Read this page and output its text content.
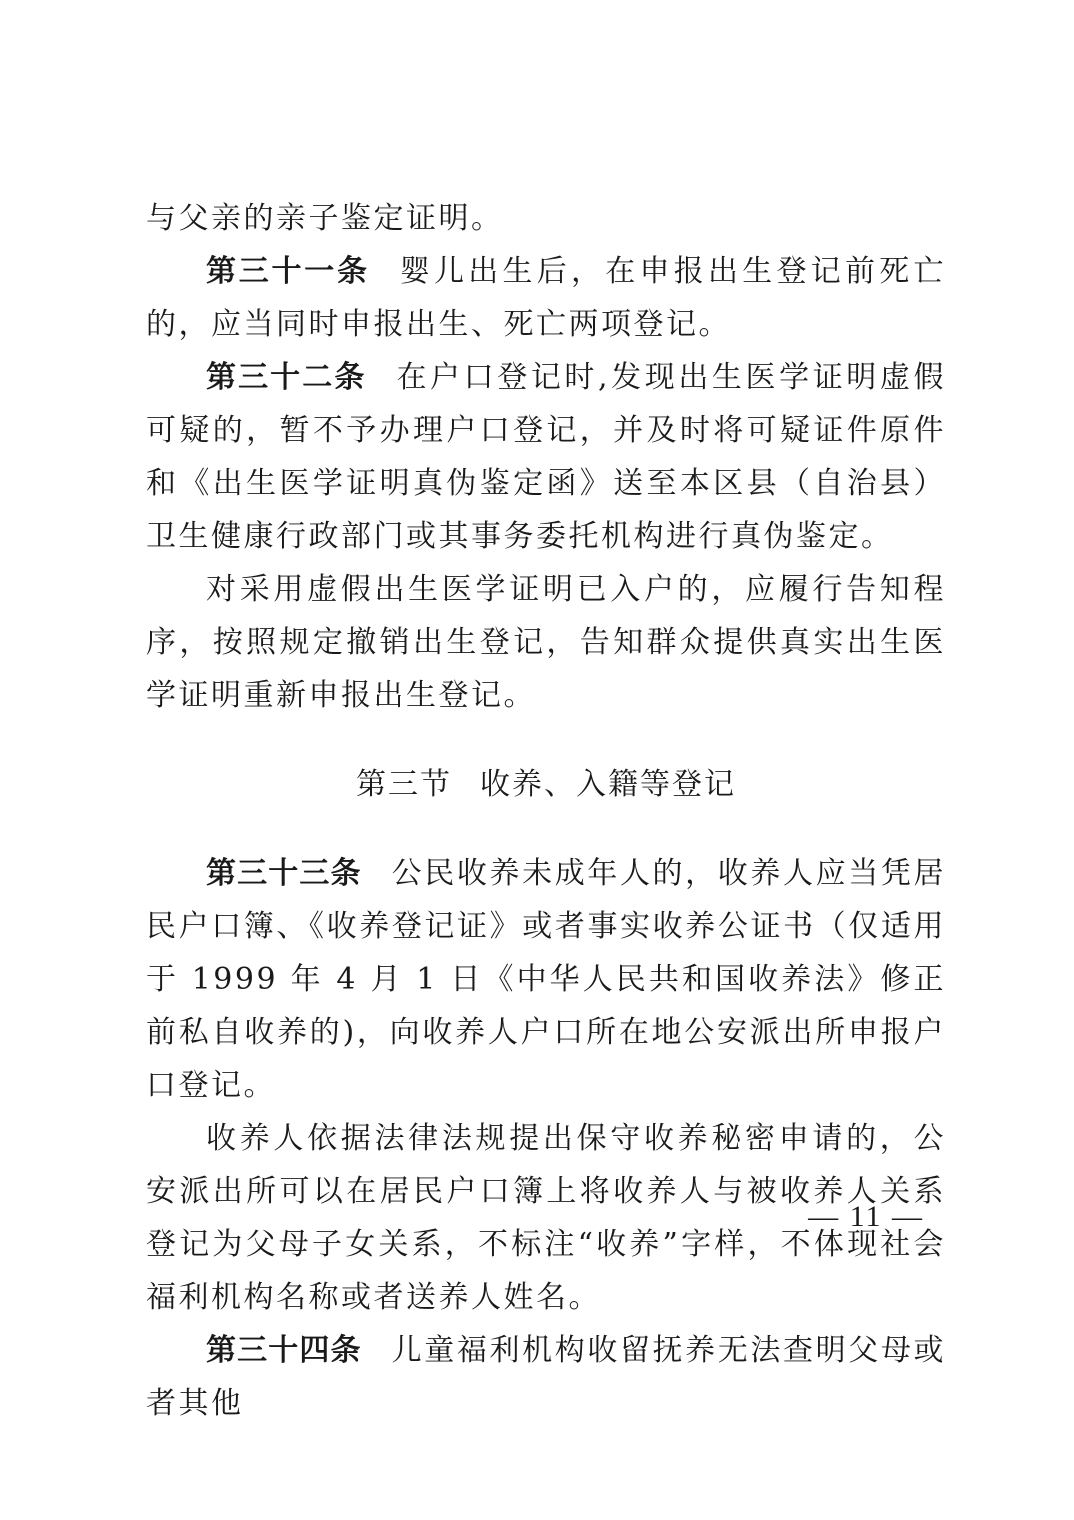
与父亲的亲子鉴定证明。

第三十一条 婴儿出生后，在申报出生登记前死亡的，应当同时申报出生、死亡两项登记。

第三十二条 在户口登记时,发现出生医学证明虚假可疑的，暂不予办理户口登记，并及时将可疑证件原件和《出生医学证明真伪鉴定函》送至本区县（自治县）卫生健康行政部门或其事务委托机构进行真伪鉴定。

对采用虚假出生医学证明已入户的，应履行告知程序，按照规定撤销出生登记，告知群众提供真实出生医学证明重新申报出生登记。

第三节 收养、入籍等登记

第三十三条 公民收养未成年人的，收养人应当凭居民户口簿、《收养登记证》或者事实收养公证书（仅适用于 1999 年 4 月 1 日《中华人民共和国收养法》修正前私自收养的)，向收养人户口所在地公安派出所申报户口登记。

收养人依据法律法规提出保守收养秘密申请的，公安派出所可以在居民户口簿上将收养人与被收养人关系登记为父母子女关系，不标注“收养”字样，不体现社会福利机构名称或者送养人姓名。

第三十四条 儿童福利机构收留抚养无法查明父母或者其他

— 11 —
